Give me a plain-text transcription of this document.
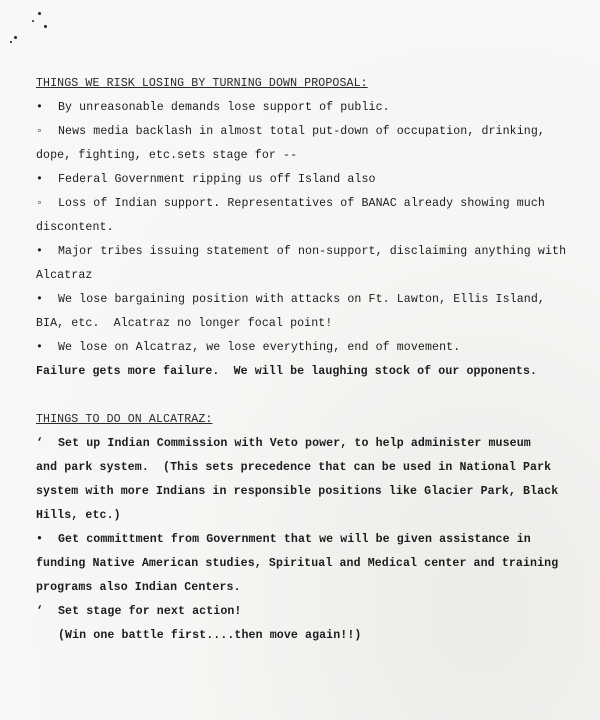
THINGS WE RISK LOSING BY TURNING DOWN PROPOSAL:

• By unreasonable demands lose support of public.

◦ News media backlash in almost total put-down of occupation, drinking,
dope, fighting, etc.sets stage for --

• Federal Government ripping us off Island also

◦ Loss of Indian support. Representatives of BANAC already showing much
discontent.

• Major tribes issuing statement of non-support, disclaiming anything with
Alcatraz

• We lose bargaining position with attacks on Ft. Lawton, Ellis Island,
BIA, etc.  Alcatraz no longer focal point!

• We lose on Alcatraz, we lose everything, end of movement.

Failure gets more failure.  We will be laughing stock of our opponents.

THINGS TO DO ON ALCATRAZ:

‘ Set up Indian Commission with Veto power, to help administer museum
and park system.  (This sets precedence that can be used in National Park
system with more Indians in responsible positions like Glacier Park, Black
Hills, etc.)

• Get committment from Government that we will be given assistance in
funding Native American studies, Spiritual and Medical center and training
programs also Indian Centers.

‘ Set stage for next action!

(Win one battle first....then move again!!)
